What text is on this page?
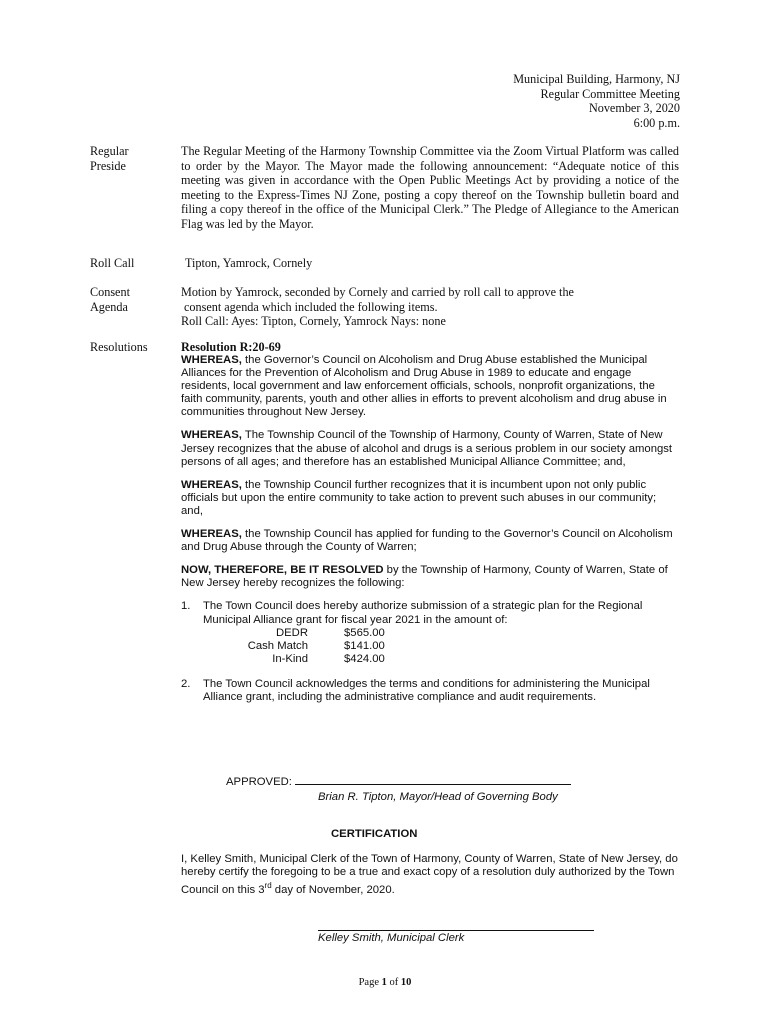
Municipal Building, Harmony, NJ
Regular Committee Meeting
November 3, 2020
6:00 p.m.
Regular
Preside

The Regular Meeting of the Harmony Township Committee via the Zoom Virtual Platform was called to order by the Mayor. The Mayor made the following announcement: “Adequate notice of this meeting was given in accordance with the Open Public Meetings Act by providing a notice of the meeting to the Express-Times NJ Zone, posting a copy thereof on the Township bulletin board and filing a copy thereof in the office of the Municipal Clerk.” The Pledge of Allegiance to the American Flag was led by the Mayor.

Roll Call	Tipton, Yamrock, Cornely
Consent
Agenda
Motion by Yamrock, seconded by Cornely and carried by roll call to approve the
consent agenda which included the following items.
Roll Call: Ayes: Tipton, Cornely, Yamrock Nays: none
Resolutions	Resolution R:20-69

WHEREAS, the Governor’s Council on Alcoholism and Drug Abuse established the Municipal Alliances for the Prevention of Alcoholism and Drug Abuse in 1989 to educate and engage residents, local government and law enforcement officials, schools, nonprofit organizations, the faith community, parents, youth and other allies in efforts to prevent alcoholism and drug abuse in communities throughout New Jersey.

WHEREAS, The Township Council of the Township of Harmony, County of Warren, State of New Jersey recognizes that the abuse of alcohol and drugs is a serious problem in our society amongst persons of all ages; and therefore has an established Municipal Alliance Committee; and,

WHEREAS, the Township Council further recognizes that it is incumbent upon not only public officials but upon the entire community to take action to prevent such abuses in our community; and,

WHEREAS, the Township Council has applied for funding to the Governor’s Council on Alcoholism and Drug Abuse through the County of Warren;

NOW, THEREFORE, BE IT RESOLVED by the Township of Harmony, County of Warren, State of New Jersey hereby recognizes the following:

1.	The Town Council does hereby authorize submission of a strategic plan for the Regional Municipal Alliance grant for fiscal year 2021 in the amount of:
DEDR	$565.00
Cash Match	$141.00
In-Kind	$424.00
2.	The Town Council acknowledges the terms and conditions for administering the Municipal Alliance grant, including the administrative compliance and audit requirements.
APPROVED:
Brian R. Tipton, Mayor/Head of Governing Body
CERTIFICATION

I, Kelley Smith, Municipal Clerk of the Town of Harmony, County of Warren, State of New Jersey, do hereby certify the foregoing to be a true and exact copy of a resolution duly authorized by the Town Council on this 3rd day of November, 2020.

Kelley Smith, Municipal Clerk
Page 1 of 10
